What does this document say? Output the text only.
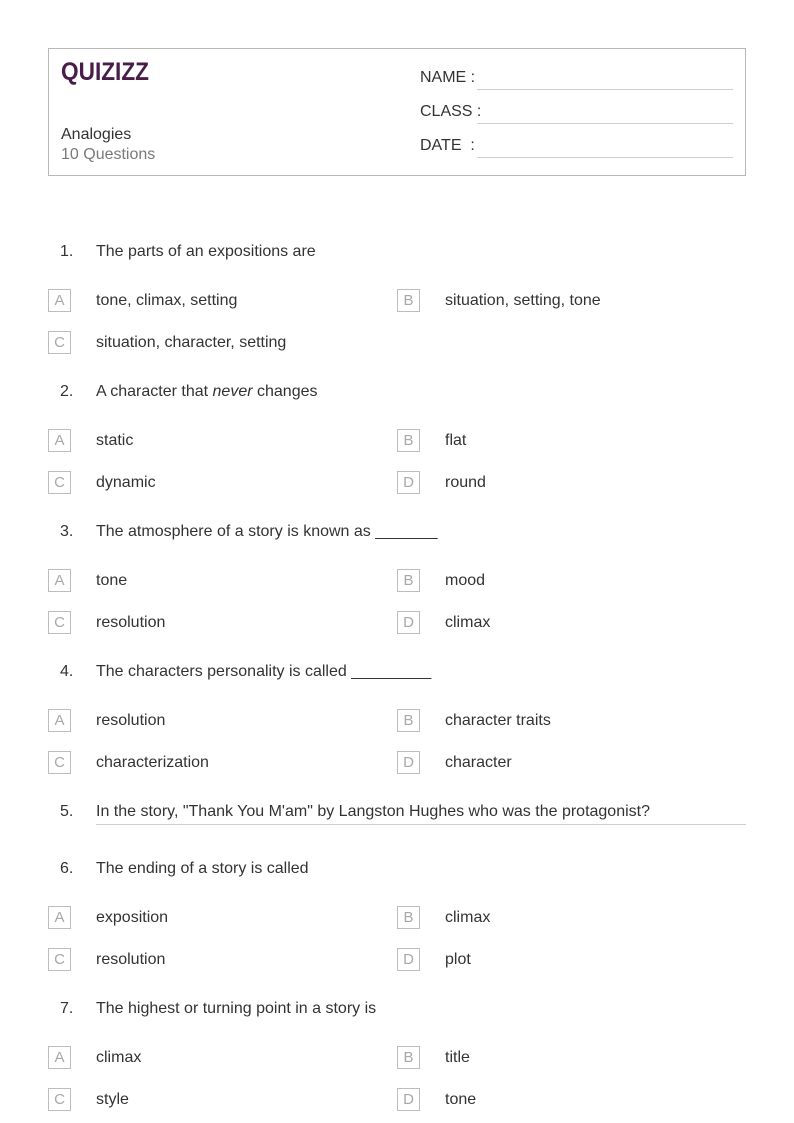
QUIZIZZ
Analogies
10 Questions
NAME :
CLASS :
DATE  :
1. The parts of an expositions are
A	tone, climax, setting	B	situation, setting, tone
C	situation, character, setting
2. A character that never changes
A	static	B	flat
C	dynamic	D	round
3. The atmosphere of a story is known as _______
A	tone	B	mood
C	resolution	D	climax
4. The characters personality is called _________
A	resolution	B	character traits
C	characterization	D	character
5. In the story, "Thank You M'am" by Langston Hughes who was the protagonist?
6. The ending of a story is called
A	exposition	B	climax
C	resolution	D	plot
7. The highest or turning point in a story is
A	climax	B	title
C	style	D	tone
